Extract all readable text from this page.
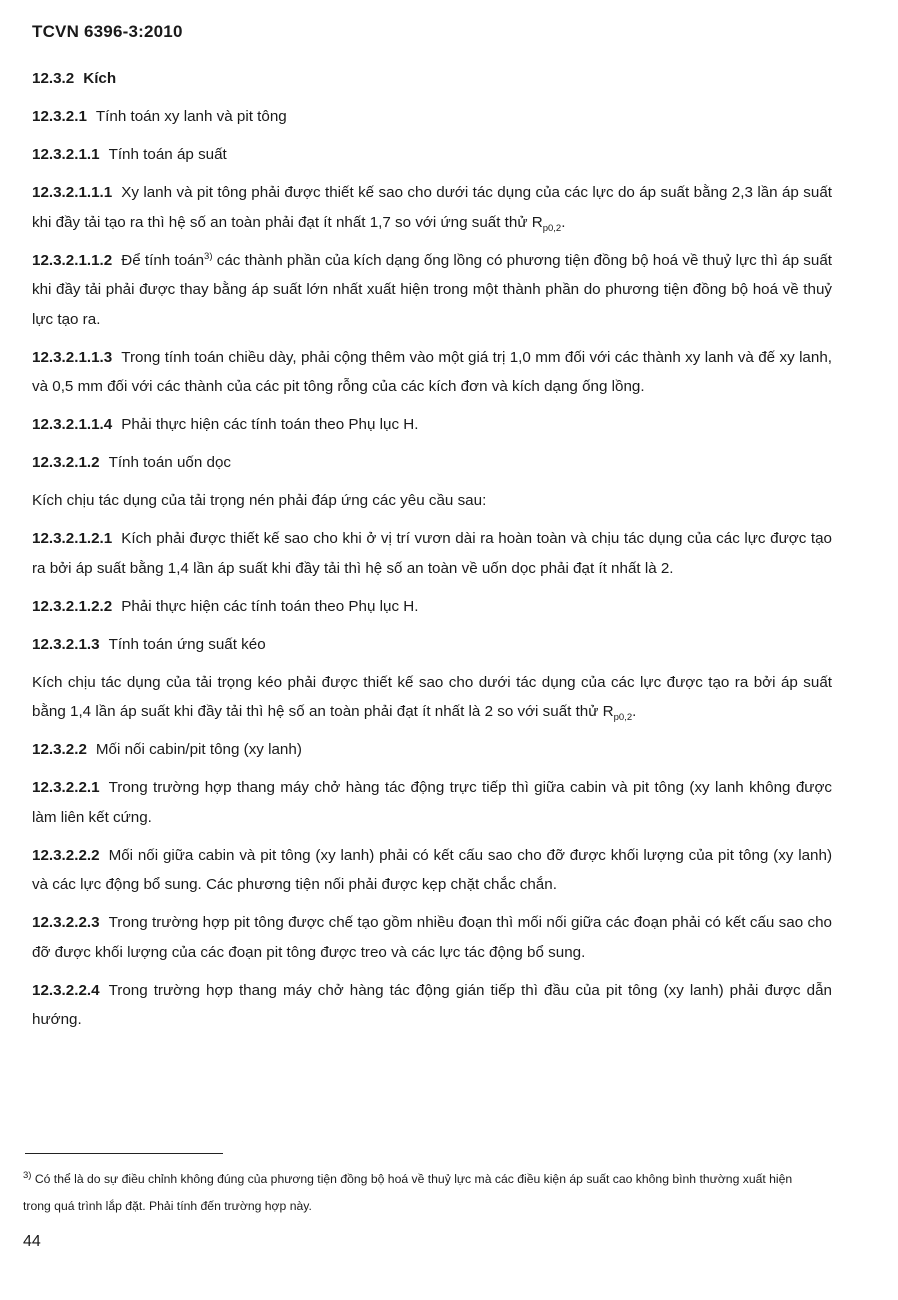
TCVN 6396-3:2010

12.3.2 Kích

12.3.2.1 Tính toán xy lanh và pit tông

12.3.2.1.1 Tính toán áp suất

12.3.2.1.1.1 Xy lanh và pit tông phải được thiết kế sao cho dưới tác dụng của các lực do áp suất bằng 2,3 lần áp suất khi đầy tải tạo ra thì hệ số an toàn phải đạt ít nhất 1,7 so với ứng suất thử $R_{p0,2}$.

12.3.2.1.1.2 Để tính toán$^{3)}$ các thành phần của kích dạng ống lồng có phương tiện đồng bộ hoá về thuỷ lực thì áp suất khi đầy tải phải được thay bằng áp suất lớn nhất xuất hiện trong một thành phần do phương tiện đồng bộ hoá về thuỷ lực tạo ra.

12.3.2.1.1.3 Trong tính toán chiều dày, phải cộng thêm vào một giá trị 1,0 mm đối với các thành xy lanh và đế xy lanh, và 0,5 mm đối với các thành của các pit tông rỗng của các kích đơn và kích dạng ống lồng.

12.3.2.1.1.4 Phải thực hiện các tính toán theo Phụ lục H.

12.3.2.1.2 Tính toán uốn dọc

Kích chịu tác dụng của tải trọng nén phải đáp ứng các yêu cầu sau:

12.3.2.1.2.1 Kích phải được thiết kế sao cho khi ở vị trí vươn dài ra hoàn toàn và chịu tác dụng của các lực được tạo ra bởi áp suất bằng 1,4 lần áp suất khi đầy tải thì hệ số an toàn về uốn dọc phải đạt ít nhất là 2.

12.3.2.1.2.2 Phải thực hiện các tính toán theo Phụ lục H.

12.3.2.1.3 Tính toán ứng suất kéo

Kích chịu tác dụng của tải trọng kéo phải được thiết kế sao cho dưới tác dụng của các lực được tạo ra bởi áp suất bằng 1,4 lần áp suất khi đầy tải thì hệ số an toàn phải đạt ít nhất là 2 so với suất thử $R_{p0,2}$.

12.3.2.2 Mối nối cabin/pit tông (xy lanh)

12.3.2.2.1 Trong trường hợp thang máy chở hàng tác động trực tiếp thì giữa cabin và pit tông (xy lanh không được làm liên kết cứng.

12.3.2.2.2 Mối nối giữa cabin và pit tông (xy lanh) phải có kết cấu sao cho đỡ được khối lượng của pit tông (xy lanh) và các lực động bổ sung. Các phương tiện nối phải được kẹp chặt chắc chắn.

12.3.2.2.3 Trong trường hợp pit tông được chế tạo gồm nhiều đoạn thì mối nối giữa các đoạn phải có kết cấu sao cho đỡ được khối lượng của các đoạn pit tông được treo và các lực tác động bổ sung.

12.3.2.2.4 Trong trường hợp thang máy chở hàng tác động gián tiếp thì đầu của pit tông (xy lanh) phải được dẫn hướng.

$^{3)}$ Có thể là do sự điều chỉnh không đúng của phương tiện đồng bộ hoá về thuỷ lực mà các điều kiện áp suất cao không bình thường xuất hiện trong quá trình lắp đặt. Phải tính đến trường hợp này.
44
